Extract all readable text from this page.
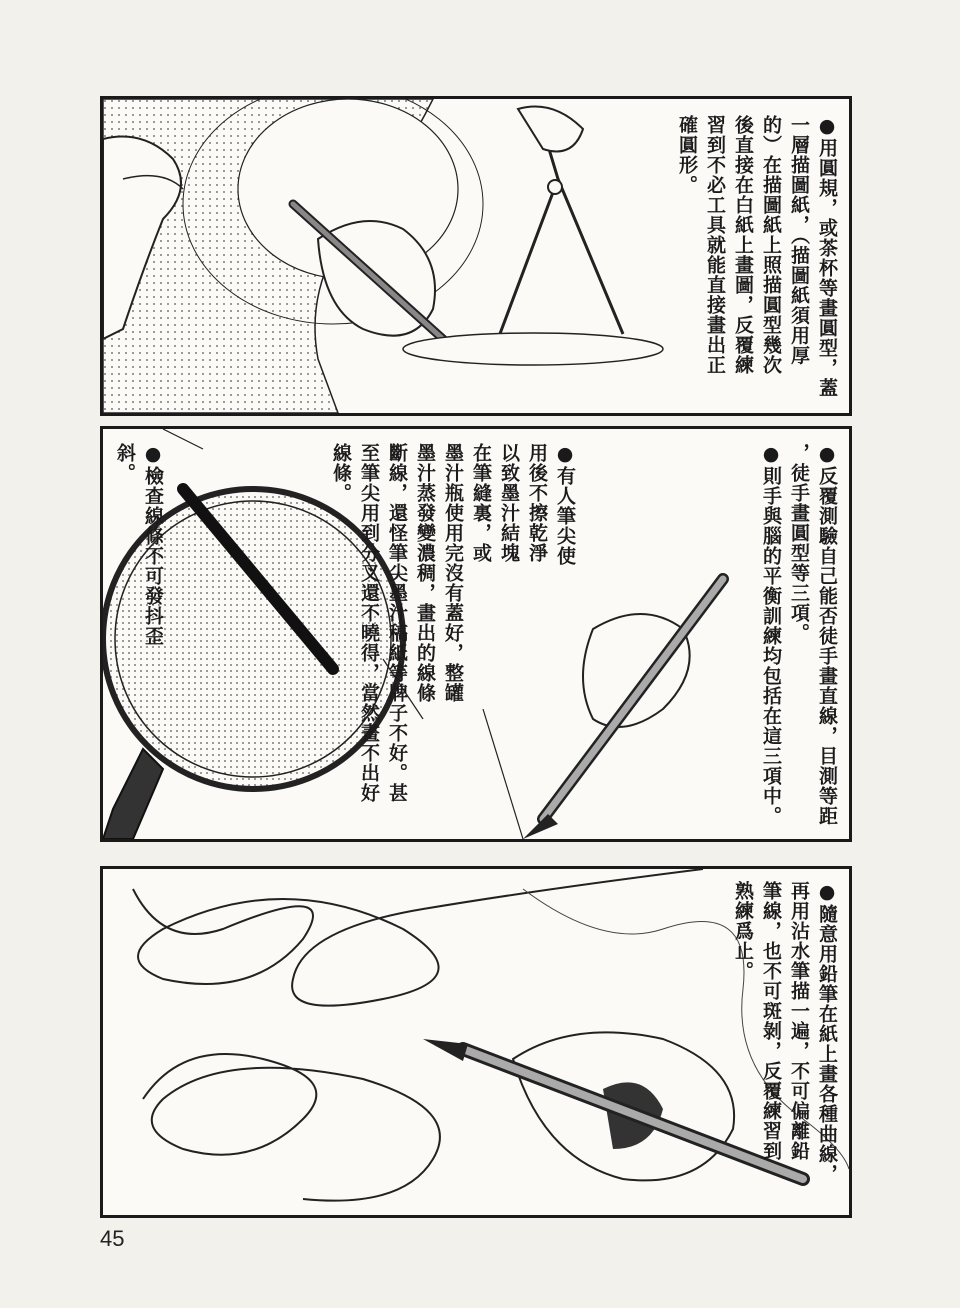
●用圓規，或茶杯等畫圓型，蓋
一層描圖紙，（描圖紙須用厚
的）在描圖紙上照描圓型幾次
後直接在白紙上畫圖，反覆練
習到不必工具就能直接畫出正
確圓形。
●反覆測驗自己能否徒手畫直線，目測等距
，徒手畫圓型等三項。
●則手與腦的平衡訓練均包括在這三項中。
●有人筆尖使
用後不擦乾淨
以致墨汁結塊
在筆縫裏，或
墨汁瓶使用完沒有蓋好，整罐
墨汁蒸發變濃稠，畫出的線條
斷線，還怪筆尖墨汁稿紙等牌子不好。甚
至筆尖用到分叉還不曉得，當然畫不出好
線條。
●檢查線條不可發抖歪斜。
●隨意用鉛筆在紙上畫各種曲線，
再用沾水筆描一遍，不可偏離鉛
筆線，也不可斑剝，反覆練習到
熟練爲止。
45
